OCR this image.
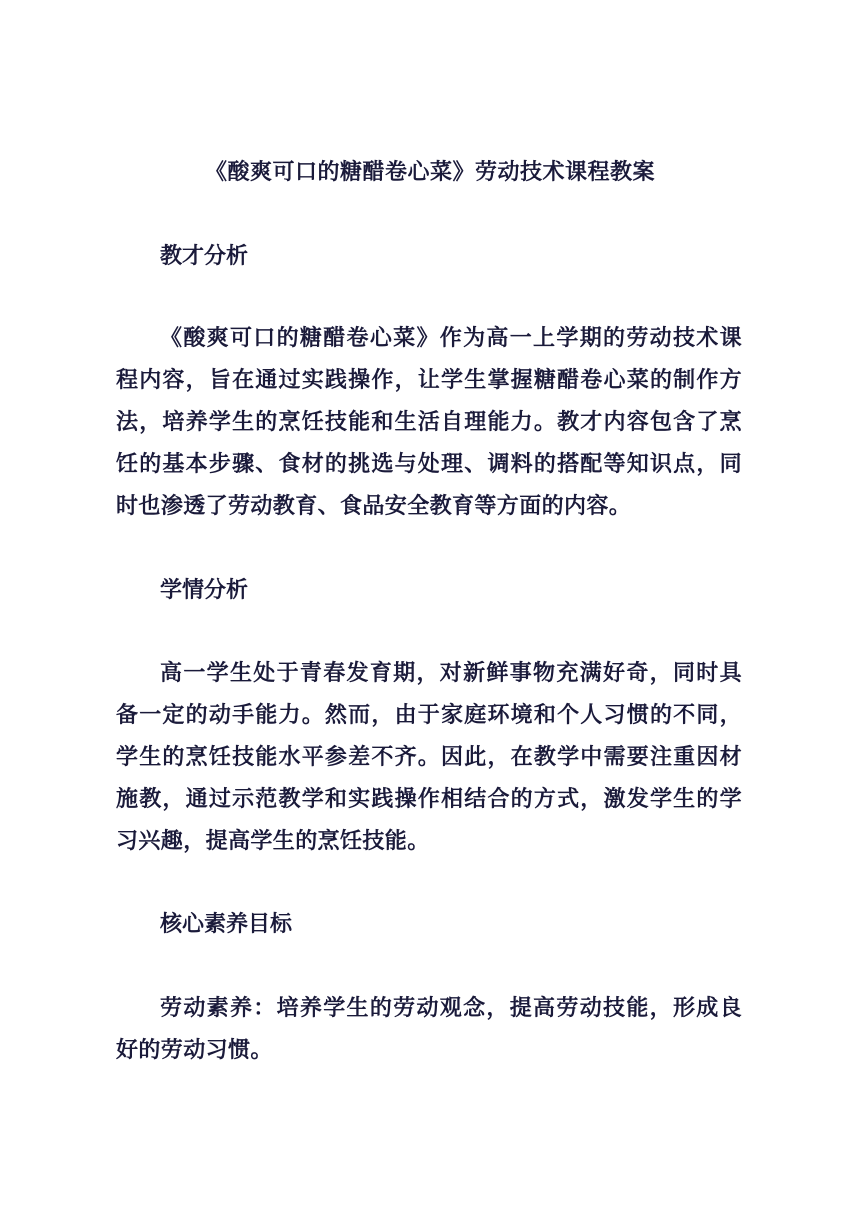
《酸爽可口的糖醋卷心菜》劳动技术课程教案
教才分析
《酸爽可口的糖醋卷心菜》作为高一上学期的劳动技术课程内容，旨在通过实践操作，让学生掌握糖醋卷心菜的制作方法，培养学生的烹饪技能和生活自理能力。教才内容包含了烹饪的基本步骤、食材的挑选与处理、调料的搭配等知识点，同时也渗透了劳动教育、食品安全教育等方面的内容。
学情分析
高一学生处于青春发育期，对新鲜事物充满好奇，同时具备一定的动手能力。然而，由于家庭环境和个人习惯的不同，学生的烹饪技能水平参差不齐。因此，在教学中需要注重因材施教，通过示范教学和实践操作相结合的方式，激发学生的学习兴趣，提高学生的烹饪技能。
核心素养目标
劳动素养：培养学生的劳动观念，提高劳动技能，形成良好的劳动习惯。
